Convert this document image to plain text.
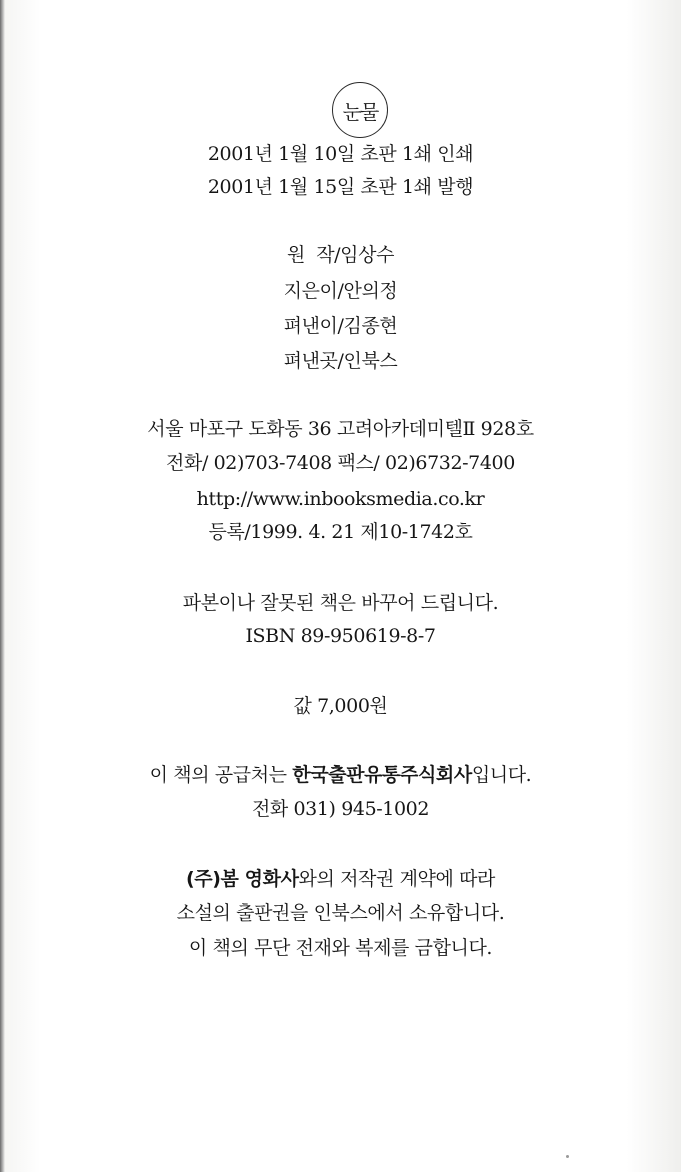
눈물
2001년 1월 10일 초판 1쇄 인쇄
2001년 1월 15일 초판 1쇄 발행
원  작/임상수
지은이/안의정
펴낸이/김종현
펴낸곳/인북스
서울 마포구 도화동 36 고려아카데미텔Ⅱ 928호
전화/ 02)703-7408 팩스/ 02)6732-7400
http://www.inbooksmedia.co.kr
등록/1999. 4. 21 제10-1742호
파본이나 잘못된 책은 바꾸어 드립니다.
ISBN 89-950619-8-7
값 7,000원
이 책의 공급처는 한국출판유통주식회사입니다.
전화 031) 945-1002
(주)봄 영화사와의 저작권 계약에 따라
소설의 출판권을 인북스에서 소유합니다.
이 책의 무단 전재와 복제를 금합니다.
